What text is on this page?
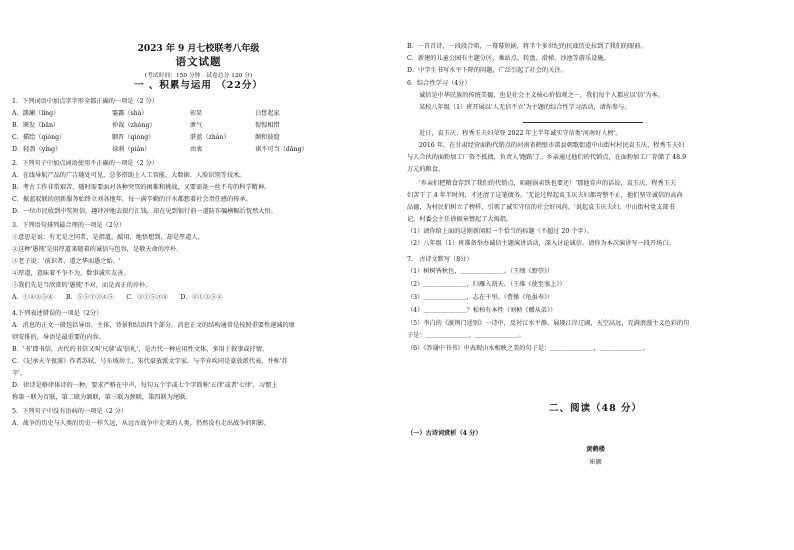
2023 年 9 月七校联考八年级
语文试题
(考试时间：150 分钟　试卷总分 120 分)
一 、积累与运用 （22分）
1．下列词语中加点字字形全都正确的一项是（2 分）
A．濡涮（líng）	霎露（shà）	彰显	白皙起家
B．颁发（bān）	仲裁（zhòng）	泄气	惺惺相惜
C．描绘（qióng）	胭晋（qióng）	湛蓝（zhàn）	颠和彼窟
D．轻盈（yíng）	禄刹（pián）	由衷	祺不可当（dǎng）
2．下列句子中加点词语使用不正确的一项是（2 分）
A．在线导航产品的广告随处可见，总多搭助上人工智能、大数据、人脸识别等技术。
B．考古工作非常艰苦，随时需要面对各种突冥的困难和挑战，又要需备一丝不苟的科学精神。
C．振蓝驭联的创新服务始终立刘各地年，每一满辛勤的汗水都想着社会责任感的传承。
D．一位市民收到中奖短信，趣冲冲地去银行汇钱，却在见到银行前一道防诈骗横幅后恍然大悟。
3．下列语句排列最合理的一项是（2分）
①意思是说：有无是之同者，是指道，敲用，地悟想到，却是厚道人。
②这种'愚钝'是用厚道来随着的诚信与包容，是敬天命的淳朴。
③老子说：'前识者，道之华而愚之始。'
④厚道，意味着不争不为，数事诚实友善。
⑤我们先是当欣赏的'愚钝'不对，而是真正的淳朴。
A．①②③⑤④　　B．⑤⑤①③④⑤　　C．③①⑤③④　　D．④①③⑤②
4.下列表述错误的一项是（2分）
A．消息的正文一般包括导语、主体、背景和结语四个部分。消息正文的结构通常是按照重要性递减的原
则安排的，导语是最重要的内容。
B．'书'即书信，古代的书信又叫'尺牍'或'信札'，是古代一种应用性文体，多用于叙事或抒情。
C．《记承天寺夜游》作者苏轼，号东坡居士，宋代豪放派文学家，与辛弃疾同是豪放派代表，并称'苏
辛'。
D．律诗是格律体诗的一种，要求严格在中声，每句五个字或七个字简称'五律'或者'七律'，习惯上
称第一联为首联，第二联为颔联，第三联为颈联，第四联为尾联。
5．下列句子中没有语病的一项是（2 分）
A．战争的历史与人类的历史一样久远，从远古战争中走来的人类，仍然没有走出战争的阴影。
B．一首首诗，一段段合唱，一幕幕短剧，将半个多世纪的抗战历史拉到了我们的眼前。
C．新建的儿童公园有主题分区，乘站点、转盘、滑梯、沙池等游乐设施。
D．中学生书写水平下降的问题，广泛引起了社会的关注。
6．综合性学习（4分）
诚信是中华民族的传统美德，也是社会主义核心价值观之一，我们每个人都应以'信'为本。
某校八年级（1）班开展以'人无信不立'为主题的综合性学习活动，请你参与。
近日，袁玉庆、程秀玉夫妇荣登 2022 年上半年诚实守信类'河南好人榜'。
2016 年，在甘肃经营面粉代销点的河南省鹤壁市淇县朝歌街道中山街村村民袁玉庆、程秀玉夫妇
与人合伙的面粉加工厂资不抵债，负责人'跑路'了。乡亲通过他们的代销点，在面粉加工厂存储了 48.9
万元的粮食。
'乡亲们把粮食存到了我们的代销点，咱砸锅卖铁也要还！'那他育声的话说，袁玉庆、程秀玉夫
妇苦干了 4 年半时间，才还清了这笔债务。'无论过程起袁玉庆夫妇都弯整不止，他们坚守诚信的高尚
品德，为村民们树立了榜样，引领了诚实守信的社会好风尚。'说起袁玉庆夫妇，中山街村党支部书
记、村委会主任徐振章赞起了大拇指。
（1）请你给上面的这则新闻拟一个恰当的标题（不超过 20 个字）。
（2）八年级（1）班准备举办诚信主题演讲活动，深入讨论诚信。请你为本次演讲写一段开场白。
7.　古诗文默写（8分）
（1）树树皆秋色，＿＿＿＿＿＿＿。（王绩《野望》）
（2）＿＿＿＿＿＿＿，归雁入胡天。（王维《使至塞上》）
（3）＿＿＿＿＿＿＿，志在千里。（曹操《龟虽寿》）
（4）＿＿＿＿＿＿＿？松柏有本性（刘桢《赠从弟》）
（5）李白的《渡荆门送别》一诗中，反衬江水平静，展现江岸辽阔，天空高远，充满浪漫主义色彩的句
子是：＿＿＿＿＿＿＿，＿＿＿＿＿＿＿。
（6）《答谢中书书》中表现山水相映之美的句子是：＿＿＿＿＿＿＿，＿＿＿＿＿＿＿。
二、阅读（48 分）
（一）古诗词赏析（4 分）
黄鹤楼
崔颢
